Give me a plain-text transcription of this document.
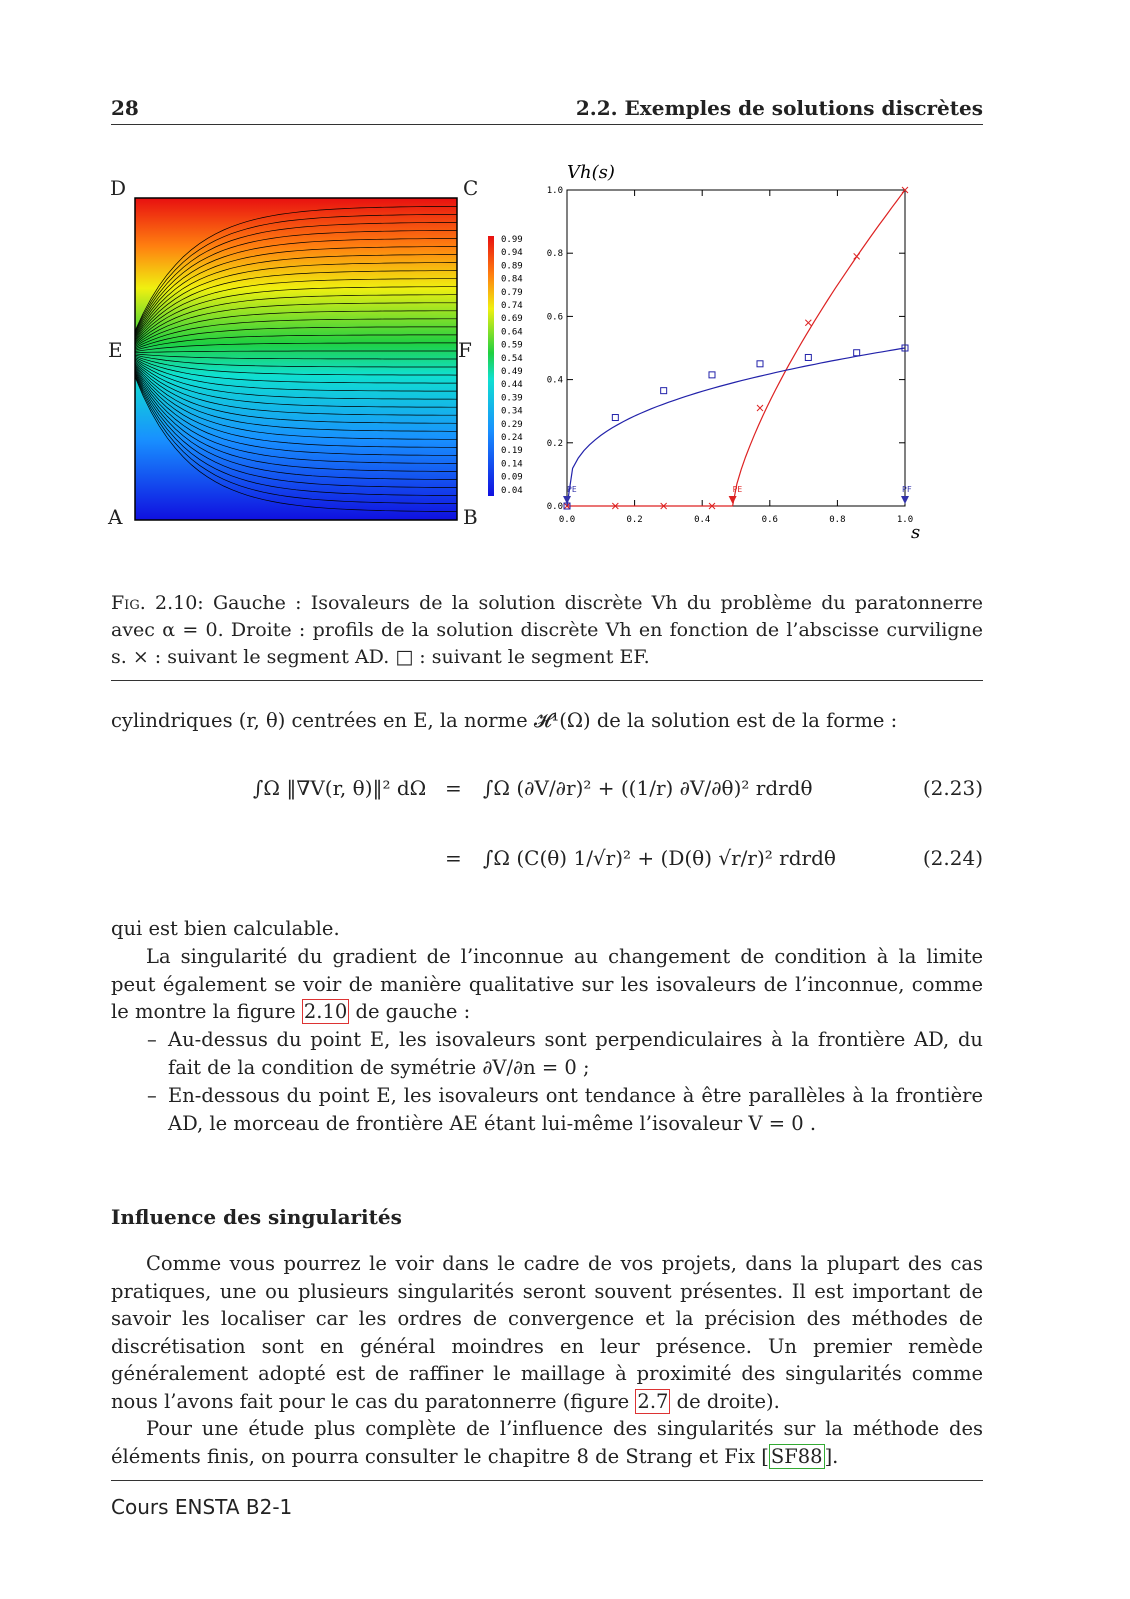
28	2.2. Exemples de solutions discrètes
D	C
E	F
A	B
0.99
0.94
0.89
0.84
0.79
0.74
0.69
0.64
0.59
0.54
0.49
0.44
0.39
0.34
0.29
0.24
0.19
0.14
0.09
0.04
0.0	0.2	0.4	0.6	0.8	1.0
0.0
0.2
0.4
0.6
0.8
1.0
Vh(s)
s
PE	PE	PF
Fig. 2.10: Gauche : Isovaleurs de la solution discrète Vh du problème du paratonnerre avec α = 0. Droite : profils de la solution discrète Vh en fonction de l’abscisse curviligne s. × : suivant le segment AD. □ : suivant le segment EF.
cylindriques (r, θ) centrées en E, la norme 𝓗¹(Ω) de la solution est de la forme :
∫Ω ‖∇V(r, θ)‖² dΩ = ∫Ω (∂V/∂r)² + ((1/r) ∂V/∂θ)² rdrdθ	(2.23)
= ∫Ω (C(θ) 1/√r)² + (D(θ) √r/r)² rdrdθ	(2.24)
qui est bien calculable.
La singularité du gradient de l’inconnue au changement de condition à la limite peut également se voir de manière qualitative sur les isovaleurs de l’inconnue, comme le montre la figure 2.10 de gauche :
– Au-dessus du point E, les isovaleurs sont perpendiculaires à la frontière AD, du fait de la condition de symétrie ∂V/∂n = 0 ;
– En-dessous du point E, les isovaleurs ont tendance à être parallèles à la frontière AD, le morceau de frontière AE étant lui-même l’isovaleur V = 0 .
Influence des singularités
Comme vous pourrez le voir dans le cadre de vos projets, dans la plupart des cas pratiques, une ou plusieurs singularités seront souvent présentes. Il est important de savoir les localiser car les ordres de convergence et la précision des méthodes de discrétisation sont en général moindres en leur présence. Un premier remède généralement adopté est de raffiner le maillage à proximité des singularités comme nous l’avons fait pour le cas du paratonnerre (figure 2.7 de droite).
Pour une étude plus complète de l’influence des singularités sur la méthode des éléments finis, on pourra consulter le chapitre 8 de Strang et Fix [ SF88 ].
Cours ENSTA B2-1
